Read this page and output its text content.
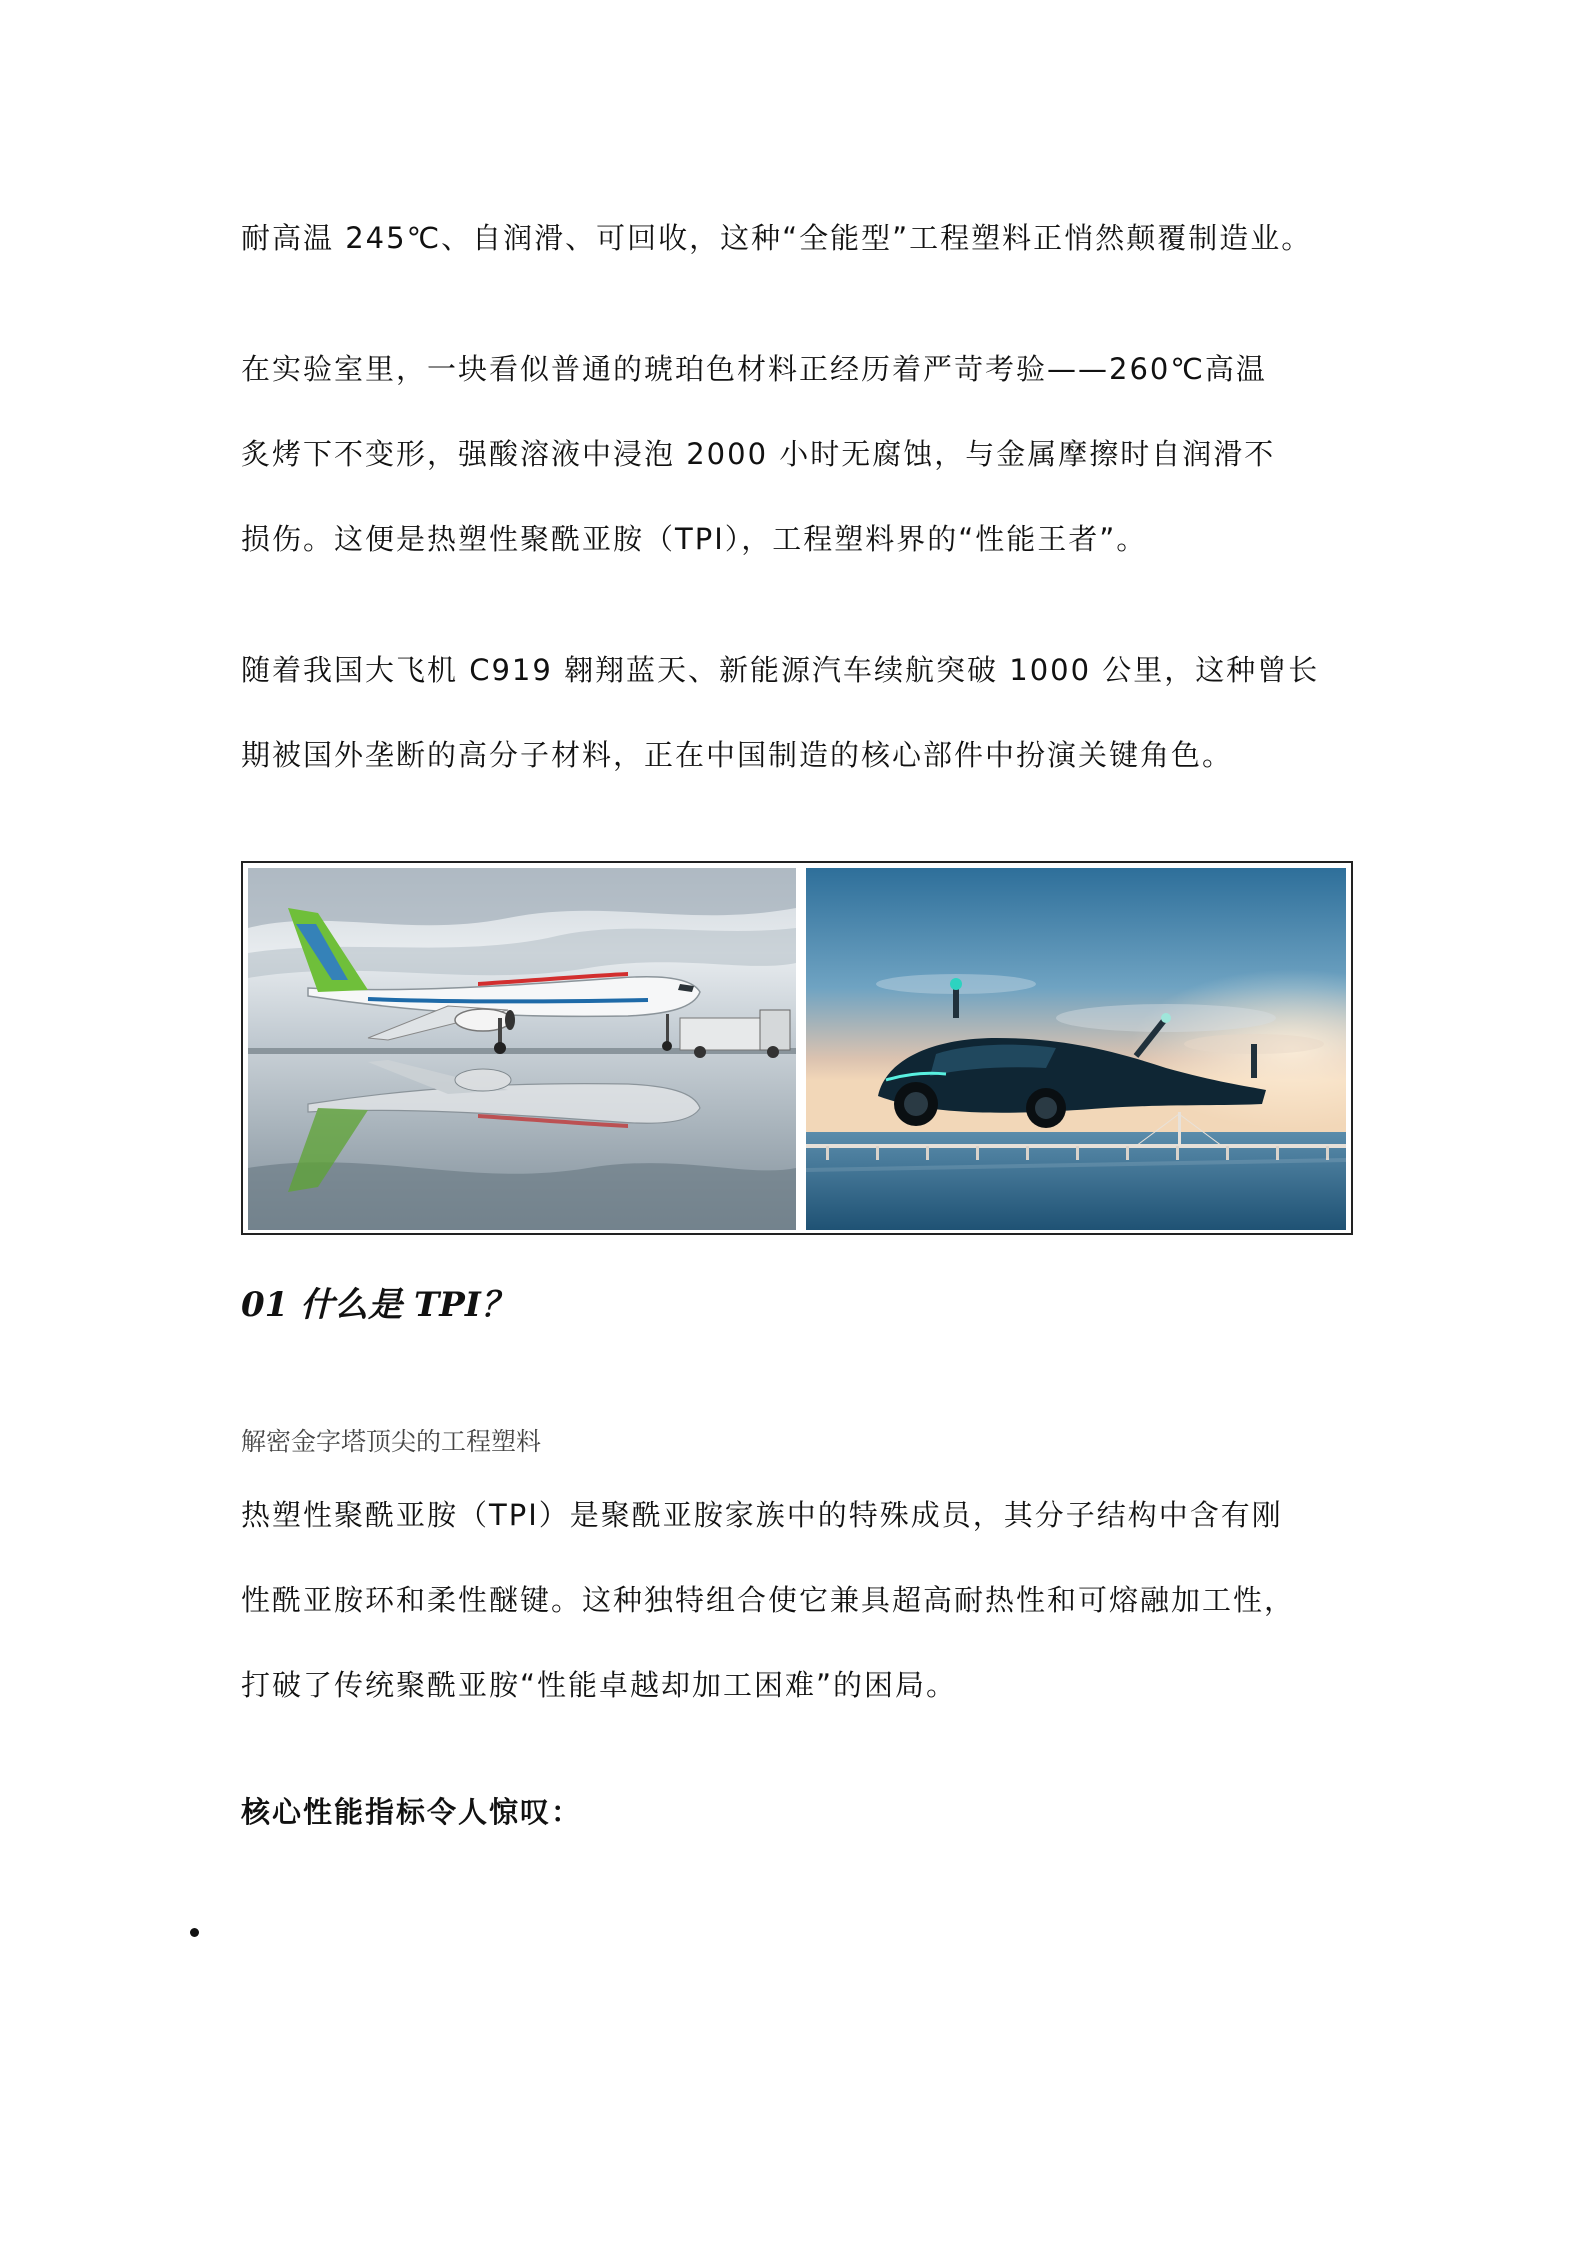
耐高温 245℃、自润滑、可回收，这种“全能型”工程塑料正悄然颠覆制造业。

在实验室里，一块看似普通的琥珀色材料正经历着严苛考验——260℃高温
炙烤下不变形，强酸溶液中浸泡 2000 小时无腐蚀，与金属摩擦时自润滑不
损伤。这便是热塑性聚酰亚胺（TPI），工程塑料界的“性能王者”。

随着我国大飞机 C919 翱翔蓝天、新能源汽车续航突破 1000 公里，这种曾长
期被国外垄断的高分子材料，正在中国制造的核心部件中扮演关键角色。

01 什么是 TPI？

解密金字塔顶尖的工程塑料

热塑性聚酰亚胺（TPI）是聚酰亚胺家族中的特殊成员，其分子结构中含有刚
性酰亚胺环和柔性醚键。这种独特组合使它兼具超高耐热性和可熔融加工性，
打破了传统聚酰亚胺“性能卓越却加工困难”的困局。

核心性能指标令人惊叹：
